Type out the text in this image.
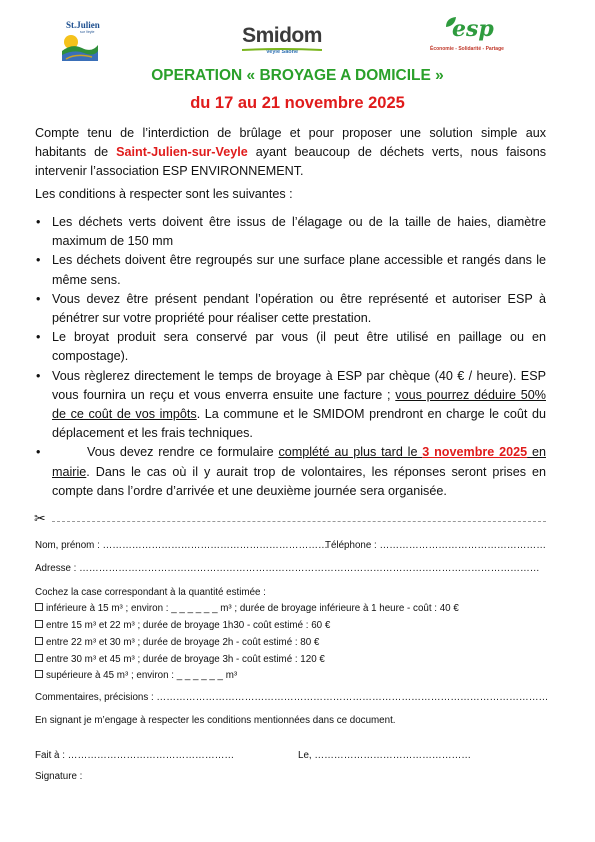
St.Julien
sur Veyle	Smidom
Veyle Saône
esp
Économie - Solidarité - Partage
OPERATION « BROYAGE A DOMICILE »
du 17 au 21 novembre 2025
Compte tenu de l’interdiction de brûlage et pour proposer une solution simple aux
habitants de Saint-Julien-sur-Veyle ayant beaucoup de déchets verts, nous faisons
intervenir l’association ESP ENVIRONNEMENT.
Les conditions à respecter sont les suivantes :
• Les déchets verts doivent être issus de l’élagage ou de la taille de haies, diamètre
maximum de 150 mm
• Les déchets doivent être regroupés sur une surface plane accessible et rangés dans le
même sens.
• Vous devez être présent pendant l’opération ou être représenté et autoriser ESP à
pénétrer sur votre propriété pour réaliser cette prestation.
• Le broyat produit sera conservé par vous (il peut être utilisé en paillage ou en
compostage).
• Vous règlerez directement le temps de broyage à ESP par chèque (40 € / heure). ESP
vous fournira un reçu et vous enverra ensuite une facture ; vous pourrez déduire 50%
de ce coût de vos impôts. La commune et le SMIDOM prendront en charge le coût du
déplacement et les frais techniques.
•	Vous devez rendre ce formulaire complété au plus tard le 3 novembre 2025 en
mairie. Dans le cas où il y aurait trop de volontaires, les réponses seront prises en
compte dans l’ordre d’arrivée et une deuxième journée sera organisée.
✂
Nom, prénom : ……………………………………………………………
Téléphone : ……………………………………………
Adresse : ……………………………………………………………………………………………………………………………
Cochez la case correspondant à la quantité estimée :
inférieure à 15 m³ ; environ : _ _ _ _ _ _ m³ ; durée de broyage inférieure à 1 heure - coût : 40 €
entre 15 m³ et 22 m³ ; durée de broyage 1h30 - coût estimé : 60 €
entre 22 m³ et 30 m³ ; durée de broyage 2h - coût estimé : 80 €
entre 30 m³ et 45 m³ ; durée de broyage 3h - coût estimé : 120 €
supérieure à 45 m³ ; environ : _ _ _ _ _ _ m³
Commentaires, précisions : …………………………………………………………………………………………………………
En signant je m’engage à respecter les conditions mentionnées dans ce document.
Fait à : ……………………………………………	Le, …………………………………………
Signature :
